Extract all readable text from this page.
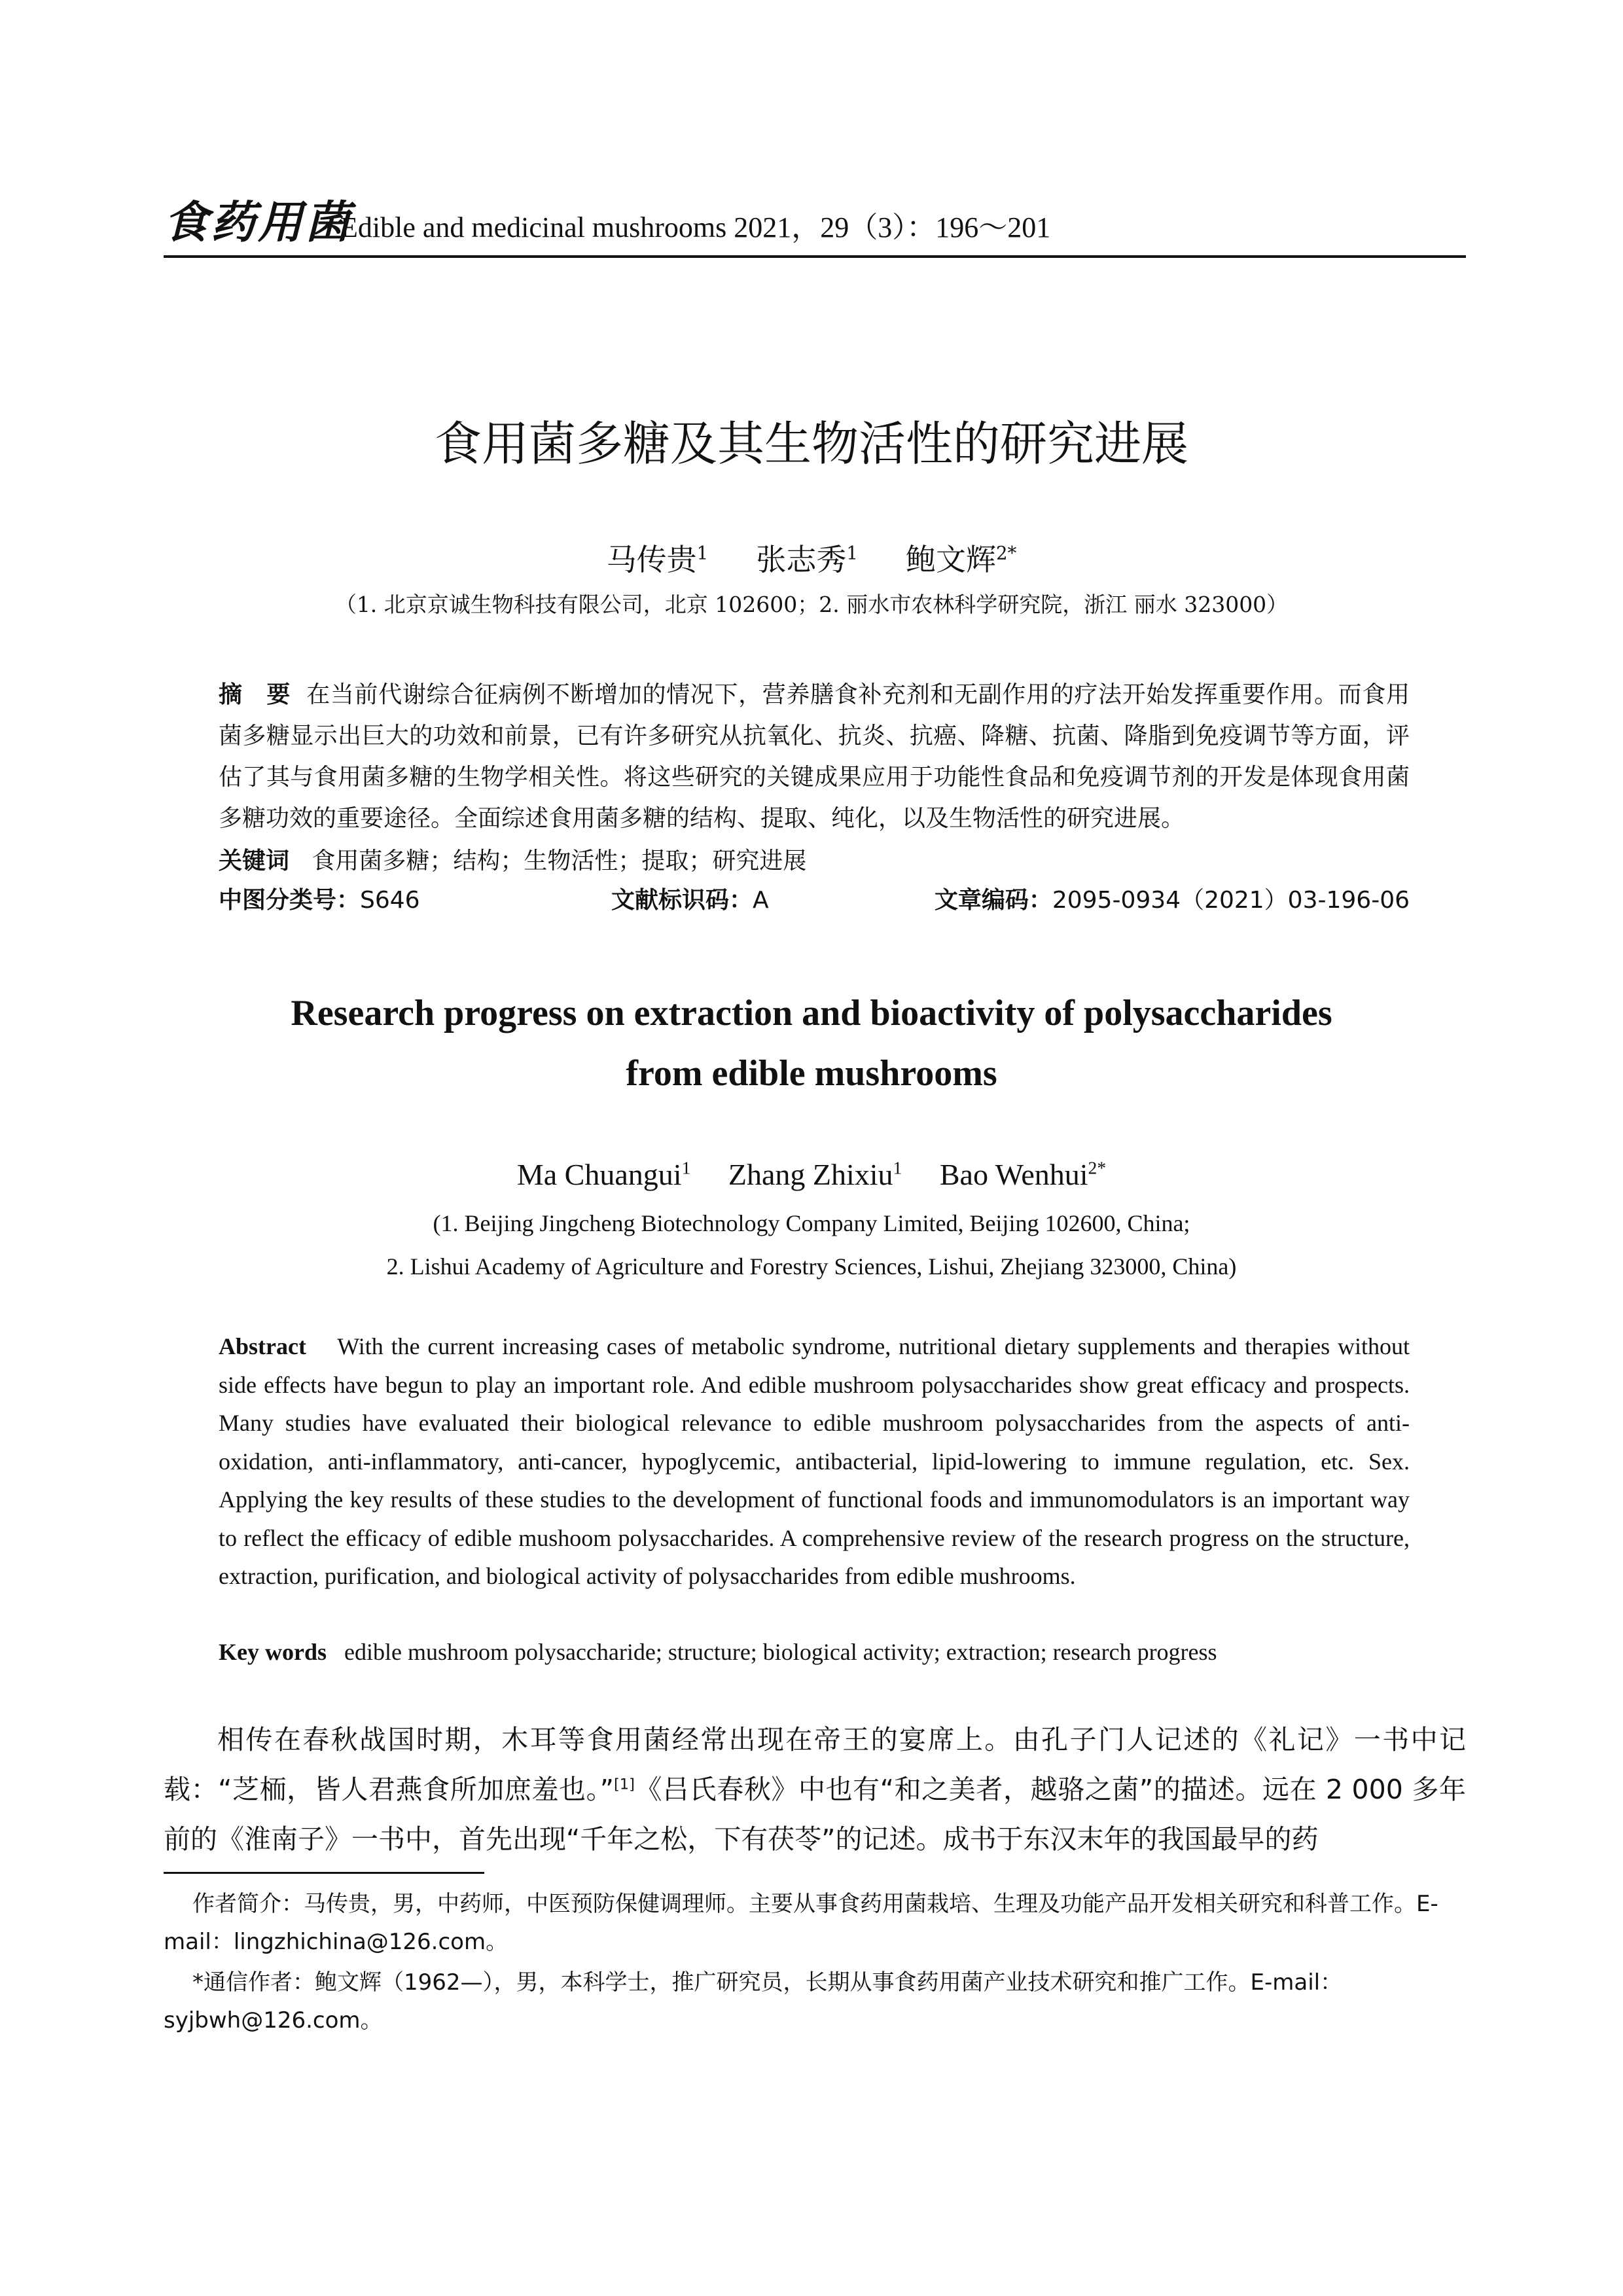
食药用菌
Edible and medicinal mushrooms 2021，29（3）：196～201
食用菌多糖及其生物活性的研究进展
马传贵$^1$ 张志秀$^1$ 鲍文辉$^{2*}$
（1. 北京京诚生物科技有限公司，北京 102600；2. 丽水市农林科学研究院，浙江 丽水 323000）
摘　要 在当前代谢综合征病例不断增加的情况下，营养膳食补充剂和无副作用的疗法开始发挥重要作用。而食用菌多糖显示出巨大的功效和前景，已有许多研究从抗氧化、抗炎、抗癌、降糖、抗菌、降脂到免疫调节等方面，评估了其与食用菌多糖的生物学相关性。将这些研究的关键成果应用于功能性食品和免疫调节剂的开发是体现食用菌多糖功效的重要途径。全面综述食用菌多糖的结构、提取、纯化，以及生物活性的研究进展。
关键词 食用菌多糖；结构；生物活性；提取；研究进展
中图分类号：S646	文献标识码：A	文章编码：2095-0934（2021）03-196-06
Research progress on extraction and bioactivity of polysaccharides
from edible mushrooms
Ma Chuangui$^1$ Zhang Zhixiu$^1$ Bao Wenhui$^{2*}$
(1. Beijing Jingcheng Biotechnology Company Limited, Beijing 102600, China;
2. Lishui Academy of Agriculture and Forestry Sciences, Lishui, Zhejiang 323000, China)
Abstract With the current increasing cases of metabolic syndrome, nutritional dietary supplements and therapies without side effects have begun to play an important role. And edible mushroom polysaccharides show great efficacy and prospects. Many studies have evaluated their biological relevance to edible mushroom polysaccharides from the aspects of anti-oxidation, anti-inflammatory, anti-cancer, hypoglycemic, antibacterial, lipid-lowering to immune regulation, etc. Sex. Applying the key results of these studies to the development of functional foods and immunomodulators is an important way to reflect the efficacy of edible mushoom polysaccharides. A comprehensive review of the research progress on the structure, extraction, purification, and biological activity of polysaccharides from edible mushrooms.
Key words edible mushroom polysaccharide; structure; biological activity; extraction; research progress
相传在春秋战国时期，木耳等食用菌经常出现在帝王的宴席上。由孔子门人记述的《礼记》一书中记载：“芝栭，皆人君燕食所加庶羞也。”[1]《吕氏春秋》中也有“和之美者，越骆之菌”的描述。远在 2 000 多年前的《淮南子》一书中，首先出现“千年之松，下有茯苓”的记述。成书于东汉末年的我国最早的药

作者简介：马传贵，男，中药师，中医预防保健调理师。主要从事食药用菌栽培、生理及功能产品开发相关研究和科普工作。E-mail：lingzhichina@126.com。

*通信作者：鲍文辉（1962—），男，本科学士，推广研究员，长期从事食药用菌产业技术研究和推广工作。E-mail：syjbwh@126.com。
